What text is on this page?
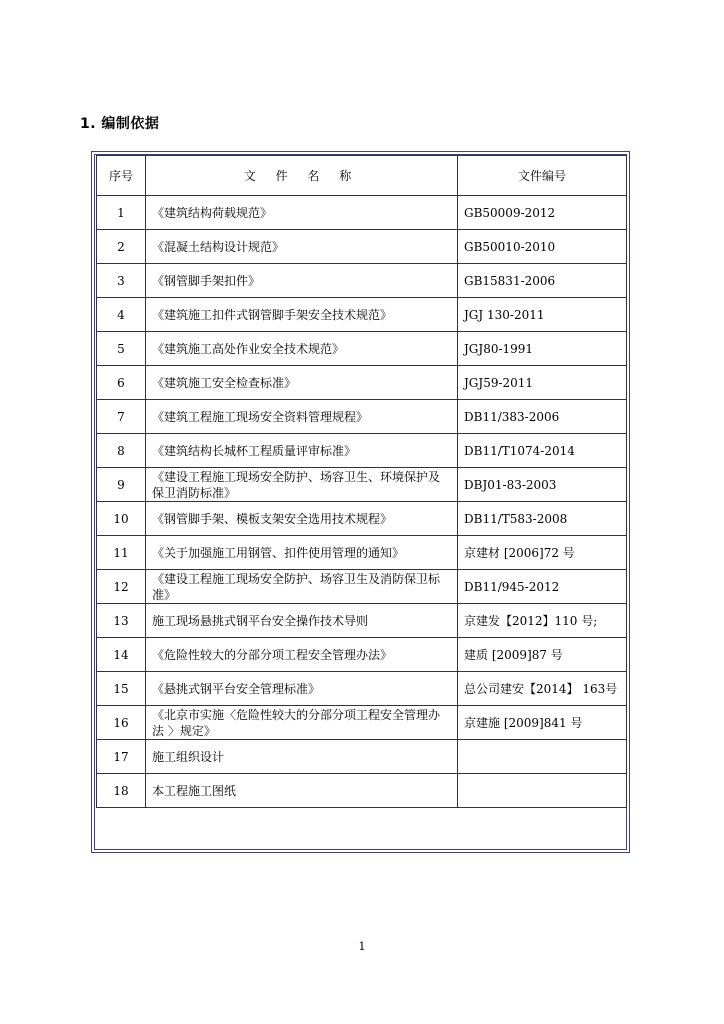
1. 编制依据
序号	文 件 名 称	文件编号
1	《建筑结构荷载规范》	GB50009-2012
2	《混凝土结构设计规范》	GB50010-2010
3	《钢管脚手架扣件》	GB15831-2006
4	《建筑施工扣件式钢管脚手架安全技术规范》	JGJ 130-2011
5	《建筑施工高处作业安全技术规范》	JGJ80-1991
6	《建筑施工安全检查标准》	JGJ59-2011
7	《建筑工程施工现场安全资料管理规程》	DB11/383-2006
8	《建筑结构长城杯工程质量评审标准》	DB11/T1074-2014
9	《建设工程施工现场安全防护、场容卫生、环境保护及保卫消防标准》	DBJ01-83-2003
10	《钢管脚手架、模板支架安全选用技术规程》	DB11/T583-2008
11	《关于加强施工用钢管、扣件使用管理的通知》	京建材 [2006]72 号
12	《建设工程施工现场安全防护、场容卫生及消防保卫标准》	DB11/945-2012
13	施工现场悬挑式钢平台安全操作技术导则	京建发【2012】110 号;
14	《危险性较大的分部分项工程安全管理办法》	建质 [2009]87 号
15	《悬挑式钢平台安全管理标准》	总公司建安【2014】 163号
16	《北京市实施〈危险性较大的分部分项工程安全管理办法 〉规定》	京建施 [2009]841 号
17	施工组织设计	
18	本工程施工图纸	
1
